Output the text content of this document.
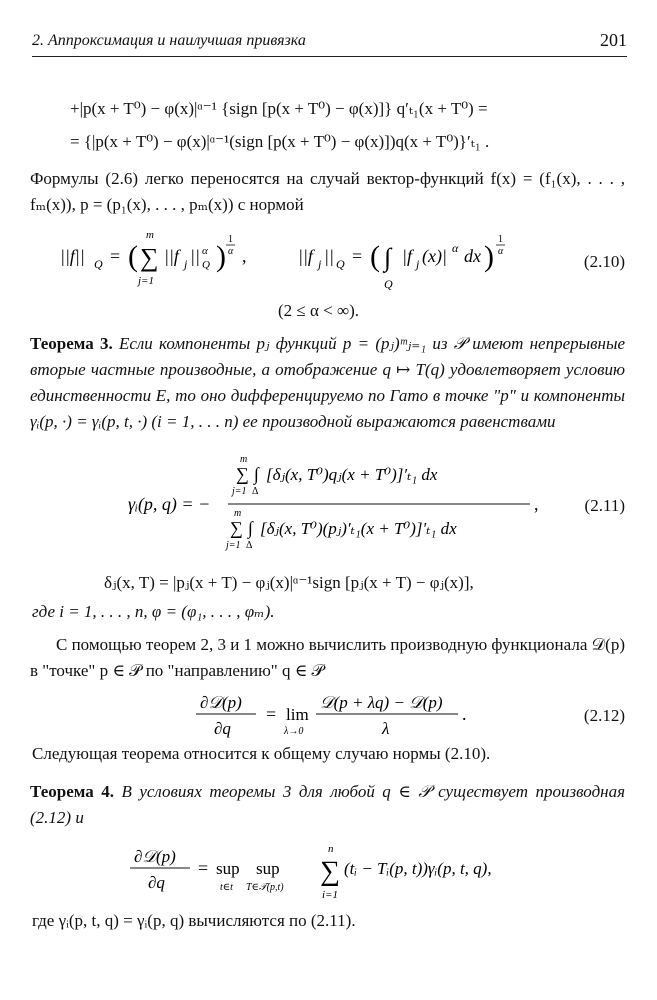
2. Аппроксимация и наилучшая привязка	201
+|p(x + T⁰) − φ(x)|ᵅ⁻¹ {sign [p(x + T⁰) − φ(x)]} q′ₜ₁(x + T⁰) =
= {|p(x + T⁰) − φ(x)|ᵅ⁻¹(sign [p(x + T⁰) − φ(x)])q(x + T⁰)}′ₜ₁ .
Формулы (2.6) легко переносятся на случай вектор-функций f(x) = (f₁(x), . . . , fₘ(x)), p = (p₁(x), . . . , pₘ(x)) с нормой
||f|| Q = ( ∑
m
j=1
||f j || α
Q )
1
α ,	||f j || Q = ( ∫
Q
|f j (x)| α dx )
1
α
(2.10)
(2 ≤ α < ∞).
Теорема 3. Если компоненты pⱼ функций p = (pⱼ)ᵐⱼ₌₁ из 𝒫 имеют непрерывные вторые частные производные, а отображение q ↦ T(q) удовлетворяет условию единственности E, то оно дифференцируемо по Гато в точке "p" и компоненты γᵢ(p, ·) = γᵢ(p, t, ·) (i = 1, . . . n) ее производной выражаются равенствами
γᵢ(p, q) = −
∑
m
j=1
∫
Δ
[δⱼ(x, T⁰)qⱼ(x + T⁰)]′ₜ₁ dx
∑
m
j=1
∫
Δ
[δⱼ(x, T⁰)(pⱼ)′ₜ₁(x + T⁰)]′ₜ₁ dx
,	(2.11)
δⱼ(x, T) = |pⱼ(x + T) − φⱼ(x)|ᵅ⁻¹sign [pⱼ(x + T) − φⱼ(x)],
где i = 1, . . . , n, φ = (φ₁, . . . , φₘ).
С помощью теорем 2, 3 и 1 можно вычислить производную функционала 𝒟(p) в "точке" p ∈ 𝒫 по "направлению" q ∈ 𝒫
∂𝒟(p)
∂q
= lim
λ→0
𝒟(p + λq) − 𝒟(p)
λ
.	(2.12)
Следующая теорема относится к общему случаю нормы (2.10).
Теорема 4. В условиях теоремы 3 для любой q ∈ 𝒫 существует производная (2.12) и
∂𝒟(p)
∂q
= sup
t∈t
sup
T∈𝒯(p,t)
∑
n
i=1
(tᵢ − Tᵢ(p, t))γᵢ(p, t, q),
где γᵢ(p, t, q) = γᵢ(p, q) вычисляются по (2.11).
